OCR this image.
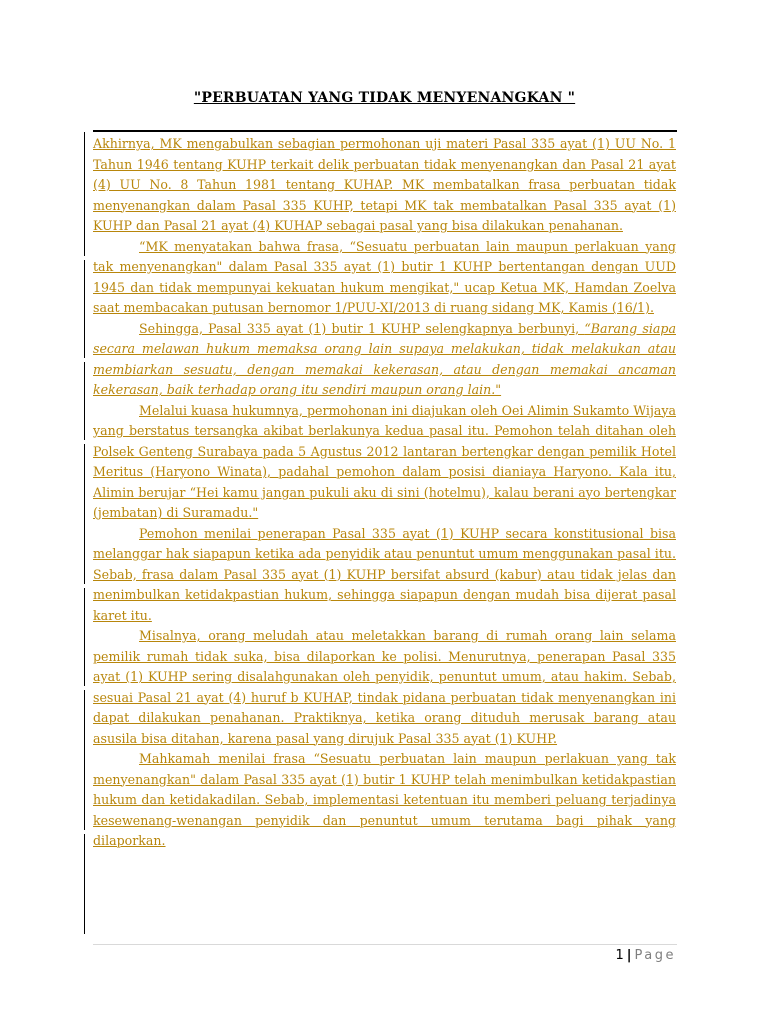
"PERBUATAN YANG TIDAK MENYENANGKAN "

Akhirnya, MK mengabulkan sebagian permohonan uji materi Pasal 335 ayat (1) UU No. 1 Tahun 1946 tentang KUHP terkait delik perbuatan tidak menyenangkan dan Pasal 21 ayat (4) UU No. 8 Tahun 1981 tentang KUHAP. MK membatalkan frasa perbuatan tidak menyenangkan dalam Pasal 335 KUHP, tetapi MK tak membatalkan Pasal 335 ayat (1) KUHP dan Pasal 21 ayat (4) KUHAP sebagai pasal yang bisa dilakukan penahanan.

“MK menyatakan bahwa frasa, “Sesuatu perbuatan lain maupun perlakuan yang tak menyenangkan" dalam Pasal 335 ayat (1) butir 1 KUHP bertentangan dengan UUD 1945 dan tidak mempunyai kekuatan hukum mengikat," ucap Ketua MK, Hamdan Zoelva saat membacakan putusan bernomor 1/PUU-XI/2013 di ruang sidang MK, Kamis (16/1).

Sehingga, Pasal 335 ayat (1) butir 1 KUHP selengkapnya berbunyi, “Barang siapa secara melawan hukum memaksa orang lain supaya melakukan, tidak melakukan atau membiarkan sesuatu, dengan memakai kekerasan, atau dengan memakai ancaman kekerasan, baik terhadap orang itu sendiri maupun orang lain."

Melalui kuasa hukumnya, permohonan ini diajukan oleh Oei Alimin Sukamto Wijaya yang berstatus tersangka akibat berlakunya kedua pasal itu. Pemohon telah ditahan oleh Polsek Genteng Surabaya pada 5 Agustus 2012 lantaran bertengkar dengan pemilik Hotel Meritus (Haryono Winata), padahal pemohon dalam posisi dianiaya Haryono. Kala itu, Alimin berujar “Hei kamu jangan pukuli aku di sini (hotelmu), kalau berani ayo bertengkar (jembatan) di Suramadu."

Pemohon menilai penerapan Pasal 335 ayat (1) KUHP secara konstitusional bisa melanggar hak siapapun ketika ada penyidik atau penuntut umum menggunakan pasal itu. Sebab, frasa dalam Pasal 335 ayat (1) KUHP bersifat absurd (kabur) atau tidak jelas dan menimbulkan ketidakpastian hukum, sehingga siapapun dengan mudah bisa dijerat pasal karet itu.

Misalnya, orang meludah atau meletakkan barang di rumah orang lain selama pemilik rumah tidak suka, bisa dilaporkan ke polisi. Menurutnya, penerapan Pasal 335 ayat (1) KUHP sering disalahgunakan oleh penyidik, penuntut umum, atau hakim. Sebab, sesuai Pasal 21 ayat (4) huruf b KUHAP, tindak pidana perbuatan tidak menyenangkan ini dapat dilakukan penahanan. Praktiknya, ketika orang dituduh merusak barang atau asusila bisa ditahan, karena pasal yang dirujuk Pasal 335 ayat (1) KUHP.

Mahkamah menilai frasa “Sesuatu perbuatan lain maupun perlakuan yang tak menyenangkan" dalam Pasal 335 ayat (1) butir 1 KUHP telah menimbulkan ketidakpastian hukum dan ketidakadilan. Sebab, implementasi ketentuan itu memberi peluang terjadinya kesewenang-wenangan penyidik dan penuntut umum terutama bagi pihak yang dilaporkan.

1 | Page
